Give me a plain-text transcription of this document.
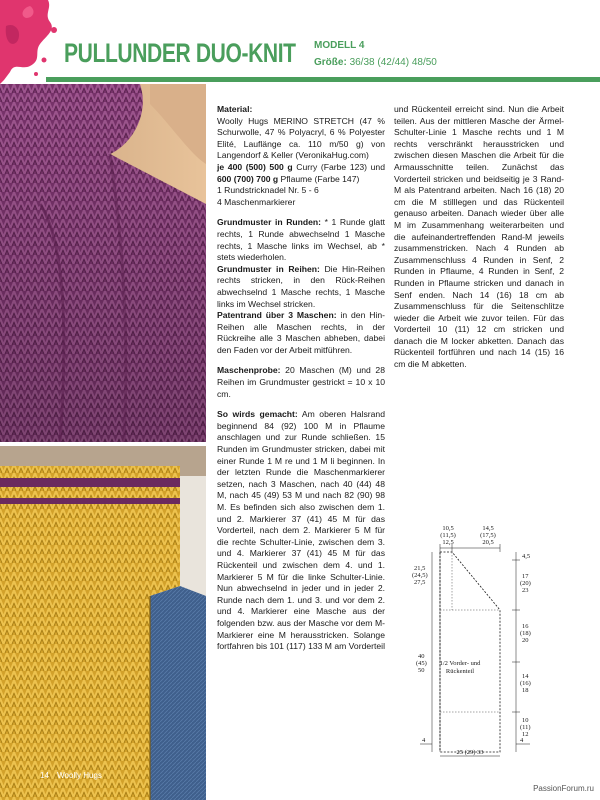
PULLUNDER DUO-KNIT MODELL 4
Größe: 36/38 (42/44) 48/50
14 Woolly Hugs

Material:
Woolly Hugs MERINO STRETCH (47 % Schurwolle, 47 % Polyacryl, 6 % Polyester Elité, Lauflänge ca. 110 m/50 g) von Langendorf & Keller (VeronikaHug.com)
je 400 (500) 500 g Curry (Farbe 123) und 600 (700) 700 g Pflaume (Farbe 147)
1 Rundstricknadel Nr. 5 - 6
4 Maschenmarkierer

Grundmuster in Runden: * 1 Runde glatt rechts, 1 Runde abwechselnd 1 Masche rechts, 1 Masche links im Wechsel, ab * stets wiederholen.

Grundmuster in Reihen: Die Hin-Reihen rechts stricken, in den Rück-Reihen abwechselnd 1 Masche rechts, 1 Masche links im Wechsel stricken.

Patentrand über 3 Maschen: in den Hin-Reihen alle Maschen rechts, in der Rückreihe alle 3 Maschen abheben, dabei den Faden vor der Arbeit mitführen.

Maschenprobe: 20 Maschen (M) und 28 Reihen im Grundmuster gestrickt = 10 x 10 cm.

So wirds gemacht: Am oberen Halsrand beginnend 84 (92) 100 M in Pflaume anschlagen und zur Runde schließen. 15 Runden im Grundmuster stricken, dabei mit einer Runde 1 M re und 1 M li beginnen. In der letzten Runde die Maschenmarkierer setzen, nach 3 Maschen, nach 40 (44) 48 M, nach 45 (49) 53 M und nach 82 (90) 98 M. Es befinden sich also zwischen dem 1. und 2. Markierer 37 (41) 45 M für das Vorderteil, nach dem 2. Markierer 5 M für die rechte Schulter-Linie, zwischen dem 3. und 4. Markierer 37 (41) 45 M für das Rückenteil und zwischen dem 4. und 1. Markierer 5 M für die linke Schulter-Linie. Nun abwechselnd in jeder und in jeder 2. Runde nach dem 1. und 3. und vor dem 2. und 4. Markierer eine Masche aus der folgenden bzw. aus der Masche vor dem M-Markierer eine M herausstricken. Solange fortfahren bis 101 (117) 133 M am Vorderteil

und Rückenteil erreicht sind. Nun die Arbeit teilen. Aus der mittleren Masche der Ärmel-Schulter-Linie 1 Masche rechts und 1 M rechts verschränkt herausstricken und zwischen diesen Maschen die Arbeit für die Armausschnitte teilen. Zunächst das Vorderteil stricken und beidseitig je 3 Rand-M als Patentrand arbeiten. Nach 16 (18) 20 cm die M stilllegen und das Rückenteil genauso arbeiten. Danach wieder über alle M im Zusammenhang weiterarbeiten und die aufeinandertreffenden Rand-M jeweils zusammenstricken. Nach 4 Runden ab Zusammenschluss 4 Runden in Senf, 2 Runden in Pflaume, 4 Runden in Senf, 2 Runden in Pflaume stricken und danach in Senf enden. Nach 14 (16) 18 cm ab Zusammenschluss für die Seitenschlitze wieder die Arbeit wie zuvor teilen. Für das Vorderteil 10 (11) 12 cm stricken und danach die M locker abketten. Danach das Rückenteil fortführen und nach 14 (15) 16 cm die M abketten.

1/2 Vorder- und
Rückenteil
10,5
(11,5)
12,5
14,5
(17,5)
20,5
21,5
(24,5)
27,5
40
(45)
50
4,5
17
(20)
23
16
(18)
20
14
(16)
18
10
(11)
12
4	4
25 (29) 33
PassionForum.ru
